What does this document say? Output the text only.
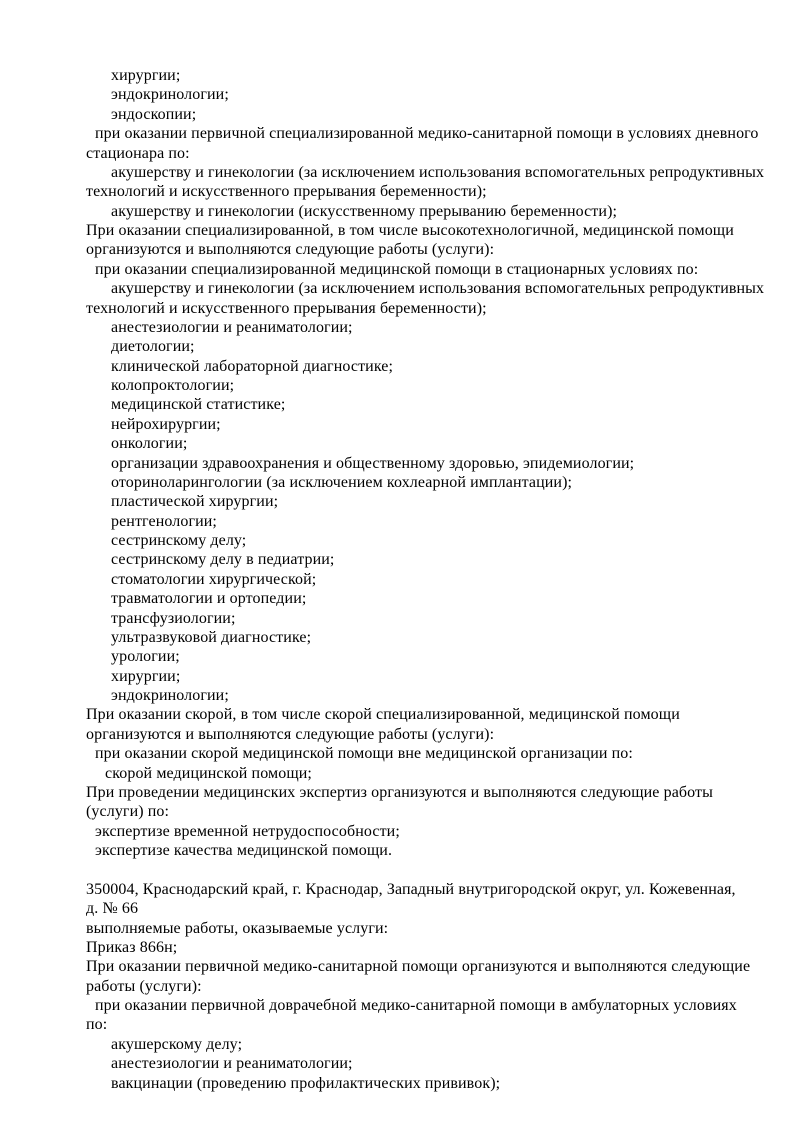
хирургии;
эндокринологии;
эндоскопии;
при оказании первичной специализированной медико-санитарной помощи в условиях дневного
стационара по:
акушерству и гинекологии (за исключением использования вспомогательных репродуктивных
технологий и искусственного прерывания беременности);
акушерству и гинекологии (искусственному прерыванию беременности);
При оказании специализированной, в том числе высокотехнологичной, медицинской помощи
организуются и выполняются следующие работы (услуги):
при оказании специализированной медицинской помощи в стационарных условиях по:
акушерству и гинекологии (за исключением использования вспомогательных репродуктивных
технологий и искусственного прерывания беременности);
анестезиологии и реаниматологии;
диетологии;
клинической лабораторной диагностике;
колопроктологии;
медицинской статистике;
нейрохирургии;
онкологии;
организации здравоохранения и общественному здоровью, эпидемиологии;
оториноларингологии (за исключением кохлеарной имплантации);
пластической хирургии;
рентгенологии;
сестринскому делу;
сестринскому делу в педиатрии;
стоматологии хирургической;
травматологии и ортопедии;
трансфузиологии;
ультразвуковой диагностике;
урологии;
хирургии;
эндокринологии;
При оказании скорой, в том числе скорой специализированной, медицинской помощи
организуются и выполняются следующие работы (услуги):
при оказании скорой медицинской помощи вне медицинской организации по:
скорой медицинской помощи;
При проведении медицинских экспертиз организуются и выполняются следующие работы
(услуги) по:
экспертизе временной нетрудоспособности;
экспертизе качества медицинской помощи.
350004, Краснодарский край, г. Краснодар, Западный внутригородской округ, ул. Кожевенная,
д. № 66
выполняемые работы, оказываемые услуги:
Приказ 866н;
При оказании первичной медико-санитарной помощи организуются и выполняются следующие
работы (услуги):
при оказании первичной доврачебной медико-санитарной помощи в амбулаторных условиях
по:
акушерскому делу;
анестезиологии и реаниматологии;
вакцинации (проведению профилактических прививок);
